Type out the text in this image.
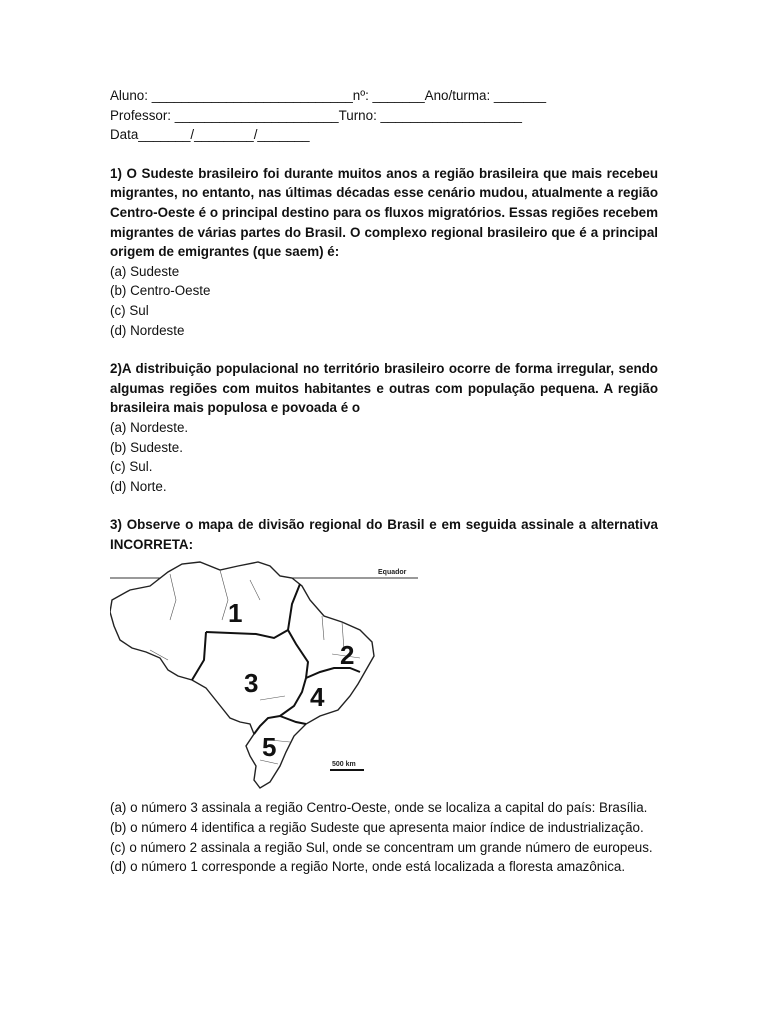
Aluno: ___________________________nº: _______Ano/turma: _______

Professor: ______________________Turno: ___________________

Data_______/________/_______

1) O Sudeste brasileiro foi durante muitos anos a região brasileira que mais recebeu migrantes, no entanto, nas últimas décadas esse cenário mudou, atualmente a região Centro-Oeste é o principal destino para os fluxos migratórios. Essas regiões recebem migrantes de várias partes do Brasil. O complexo regional brasileiro que é a principal origem de emigrantes (que saem) é:

(a) Sudeste

(b) Centro-Oeste

(c) Sul

(d) Nordeste

2)A distribuição populacional no território brasileiro ocorre de forma irregular, sendo algumas regiões com muitos habitantes e outras com população pequena. A região brasileira mais populosa e povoada é o

(a) Nordeste.

(b) Sudeste.

(c) Sul.

(d) Norte.

3) Observe o mapa de divisão regional do Brasil e em seguida assinale a alternativa INCORRETA:

Equador
1
2
3 4
5
500 km

(a) o número 3 assinala a região Centro-Oeste, onde se localiza a capital do país: Brasília.

(b) o número 4 identifica a região Sudeste que apresenta maior índice de industrialização.

(c) o número 2 assinala a região Sul, onde se concentram um grande número de europeus.

(d) o número 1 corresponde a região Norte, onde está localizada a floresta amazônica.
